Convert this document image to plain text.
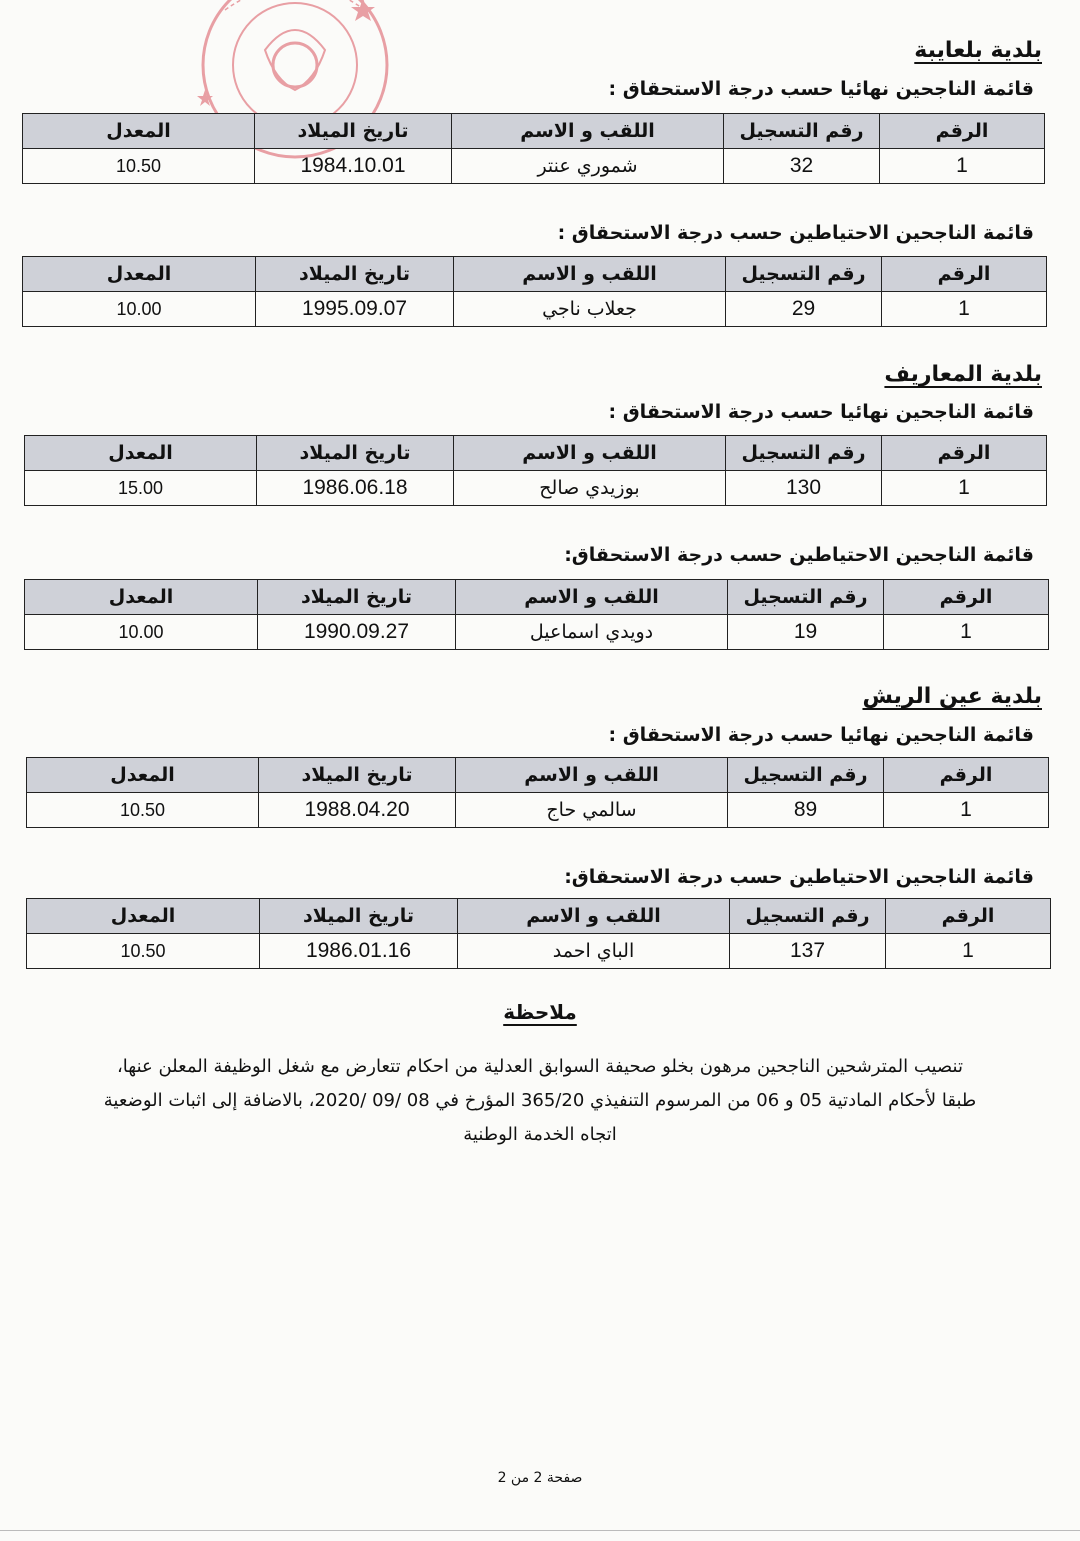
بلدية بلعايبة
قائمة الناجحين نهائيا حسب درجة الاستحقاق :
الرقم	رقم التسجيل	اللقب و الاسم	تاريخ الميلاد	المعدل
1	32	شموري عنتر	1984.10.01	10.50
قائمة الناجحين الاحتياطين حسب درجة الاستحقاق :
الرقم	رقم التسجيل	اللقب و الاسم	تاريخ الميلاد	المعدل
1	29	جعلاب ناجي	1995.09.07	10.00
بلدية المعاريف
قائمة الناجحين نهائيا حسب درجة الاستحقاق :
الرقم	رقم التسجيل	اللقب و الاسم	تاريخ الميلاد	المعدل
1	130	بوزيدي صالح	1986.06.18	15.00
قائمة الناجحين الاحتياطين حسب درجة الاستحقاق:
الرقم	رقم التسجيل	اللقب و الاسم	تاريخ الميلاد	المعدل
1	19	دويدي اسماعيل	1990.09.27	10.00
بلدية عين الريش
قائمة الناجحين نهائيا حسب درجة الاستحقاق :
الرقم	رقم التسجيل	اللقب و الاسم	تاريخ الميلاد	المعدل
1	89	سالمي حاج	1988.04.20	10.50
قائمة الناجحين الاحتياطين حسب درجة الاستحقاق:
الرقم	رقم التسجيل	اللقب و الاسم	تاريخ الميلاد	المعدل
1	137	الباي احمد	1986.01.16	10.50
ملاحظة
تنصيب المترشحين الناجحين مرهون بخلو صحيفة السوابق العدلية من احكام تتعارض مع شغل الوظيفة المعلن عنها،
طبقا لأحكام المادتية 05 و 06 من المرسوم التنفيذي 365/20 المؤرخ في 08 /09 /2020، بالاضافة إلى اثبات الوضعية
اتجاه الخدمة الوطنية
صفحة 2 من 2
